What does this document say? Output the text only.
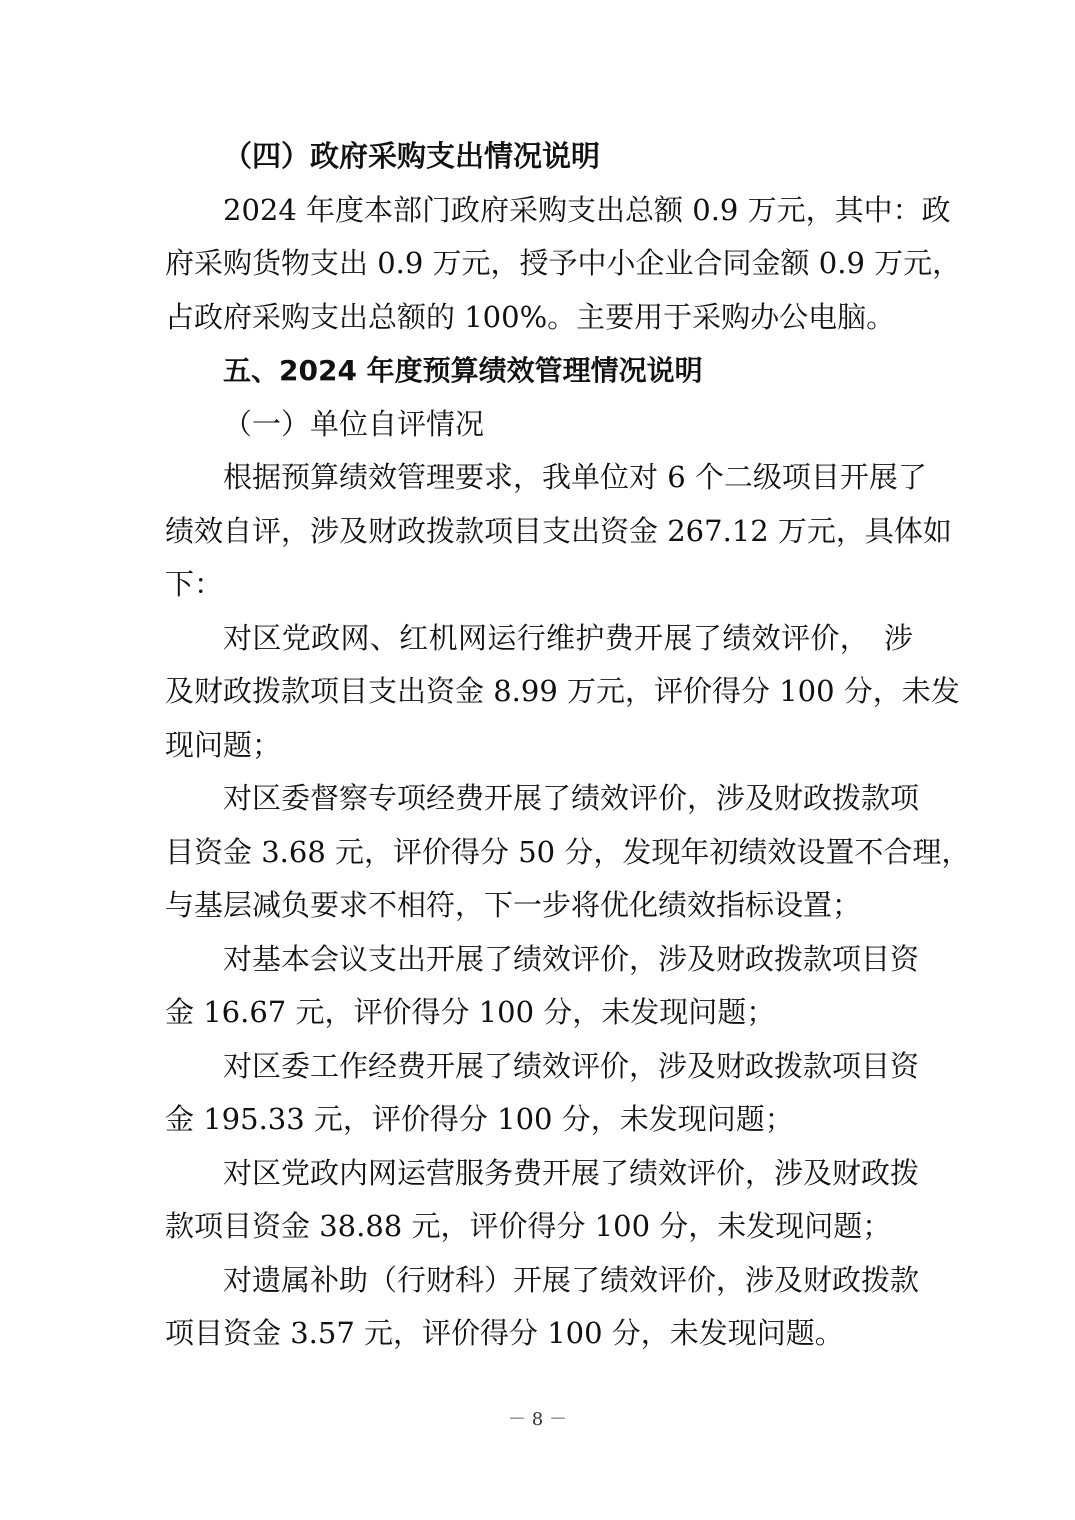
（四）政府采购支出情况说明
2024 年度本部门政府采购支出总额 0.9 万元，其中：政
府采购货物支出 0.9 万元，授予中小企业合同金额 0.9 万元，
占政府采购支出总额的 100%。主要用于采购办公电脑。
五、2024 年度预算绩效管理情况说明
（一）单位自评情况
根据预算绩效管理要求，我单位对 6 个二级项目开展了
绩效自评，涉及财政拨款项目支出资金 267.12 万元，具体如
下：
对区党政网、红机网运行维护费开展了绩效评价，　涉
及财政拨款项目支出资金 8.99 万元，评价得分 100 分，未发
现问题；
对区委督察专项经费开展了绩效评价，涉及财政拨款项
目资金 3.68 元，评价得分 50 分，发现年初绩效设置不合理，
与基层减负要求不相符，下一步将优化绩效指标设置；
对基本会议支出开展了绩效评价，涉及财政拨款项目资
金 16.67 元，评价得分 100 分，未发现问题；
对区委工作经费开展了绩效评价，涉及财政拨款项目资
金 195.33 元，评价得分 100 分，未发现问题；
对区党政内网运营服务费开展了绩效评价，涉及财政拨
款项目资金 38.88 元，评价得分 100 分，未发现问题；
对遗属补助（行财科）开展了绩效评价，涉及财政拨款
项目资金 3.57 元，评价得分 100 分，未发现问题。
－ 8 －
